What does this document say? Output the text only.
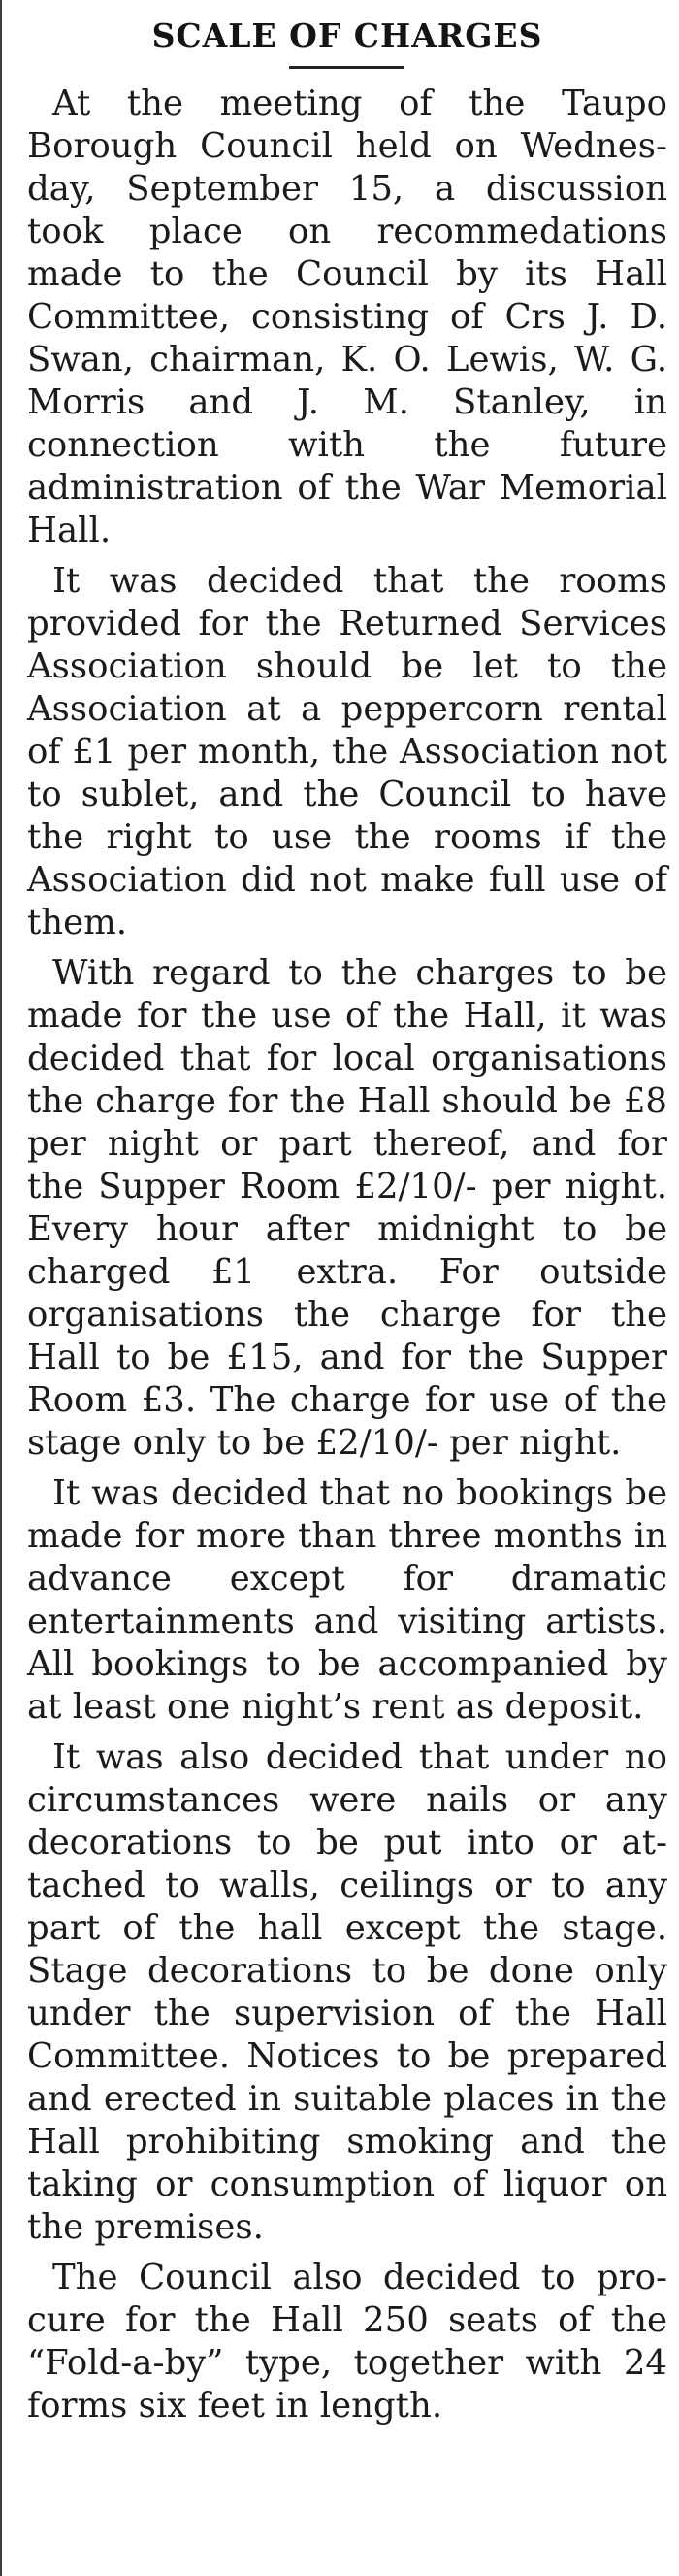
SCALE OF CHARGES

At the meeting of the Taupo Borough Council held on Wednesday, September 15, a discussion took place on recommedations made to the Council by its Hall Committee, consisting of Crs J. D. Swan, chairman, K. O. Lewis, W. G. Morris and J. M. Stanley, in connection with the future administration of the War Memorial Hall.

It was decided that the rooms provided for the Returned Services Association should be let to the Association at a peppercorn rental of £1 per month, the Association not to sublet, and the Council to have the right to use the rooms if the Association did not make full use of them.

With regard to the charges to be made for the use of the Hall, it was decided that for local organisations the charge for the Hall should be £8 per night or part thereof, and for the Supper Room £2/10/- per night. Every hour after midnight to be charged £1 extra. For outside organisations the charge for the Hall to be £15, and for the Supper Room £3. The charge for use of the stage only to be £2/10/- per night.

It was decided that no bookings be made for more than three months in advance except for dramatic entertainments and visiting artists. All bookings to be accompanied by at least one night’s rent as deposit.

It was also decided that under no circumstances were nails or any decorations to be put into or attached to walls, ceilings or to any part of the hall except the stage. Stage decorations to be done only under the supervision of the Hall Committee. Notices to be prepared and erected in suitable places in the Hall prohibiting smoking and the taking or consumption of liquor on the premises.

The Council also decided to procure for the Hall 250 seats of the “Fold-a-by” type, together with 24 forms six feet in length.
